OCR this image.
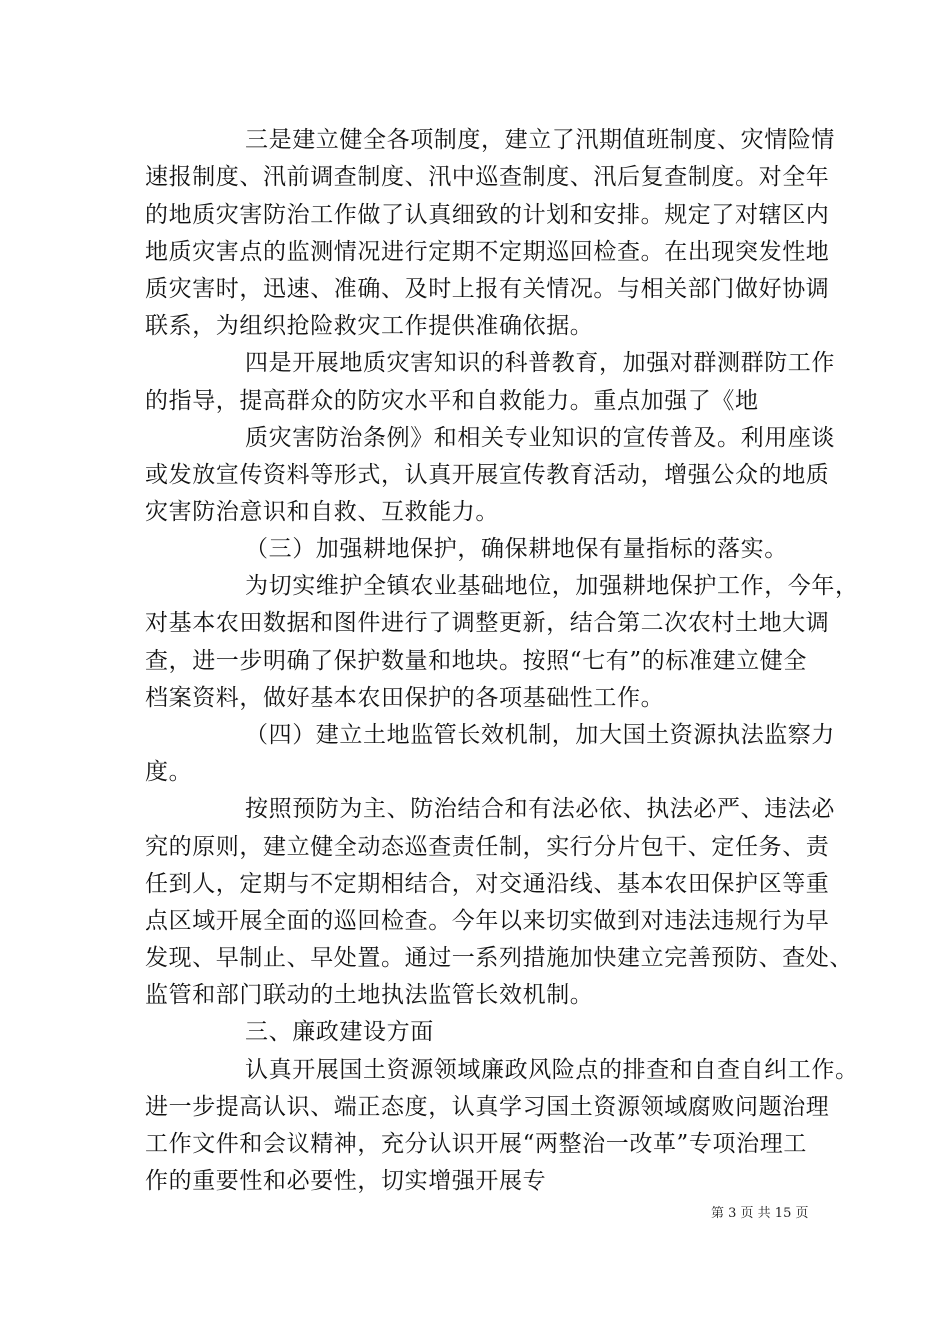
三是建立健全各项制度，建立了汛期值班制度、灾情险情
速报制度、汛前调查制度、汛中巡查制度、汛后复查制度。对全年
的地质灾害防治工作做了认真细致的计划和安排。规定了对辖区内
地质灾害点的监测情况进行定期不定期巡回检查。在出现突发性地
质灾害时，迅速、准确、及时上报有关情况。与相关部门做好协调
联系，为组织抢险救灾工作提供准确依据。
四是开展地质灾害知识的科普教育，加强对群测群防工作
的指导，提高群众的防灾水平和自救能力。重点加强了《地
质灾害防治条例》和相关专业知识的宣传普及。利用座谈
或发放宣传资料等形式，认真开展宣传教育活动，增强公众的地质
灾害防治意识和自救、互救能力。
（三）加强耕地保护，确保耕地保有量指标的落实。
为切实维护全镇农业基础地位，加强耕地保护工作，今年，
对基本农田数据和图件进行了调整更新，结合第二次农村土地大调
查，进一步明确了保护数量和地块。按照“七有”的标准建立健全
档案资料，做好基本农田保护的各项基础性工作。
（四）建立土地监管长效机制，加大国土资源执法监察力
度。
按照预防为主、防治结合和有法必依、执法必严、违法必
究的原则，建立健全动态巡查责任制，实行分片包干、定任务、责
任到人，定期与不定期相结合，对交通沿线、基本农田保护区等重
点区域开展全面的巡回检查。今年以来切实做到对违法违规行为早
发现、早制止、早处置。通过一系列措施加快建立完善预防、查处、
监管和部门联动的土地执法监管长效机制。
三、廉政建设方面
认真开展国土资源领域廉政风险点的排查和自查自纠工作。
进一步提高认识、端正态度，认真学习国土资源领域腐败问题治理
工作文件和会议精神，充分认识开展“两整治一改革”专项治理工
作的重要性和必要性，切实增强开展专
第 3 页 共 15 页
